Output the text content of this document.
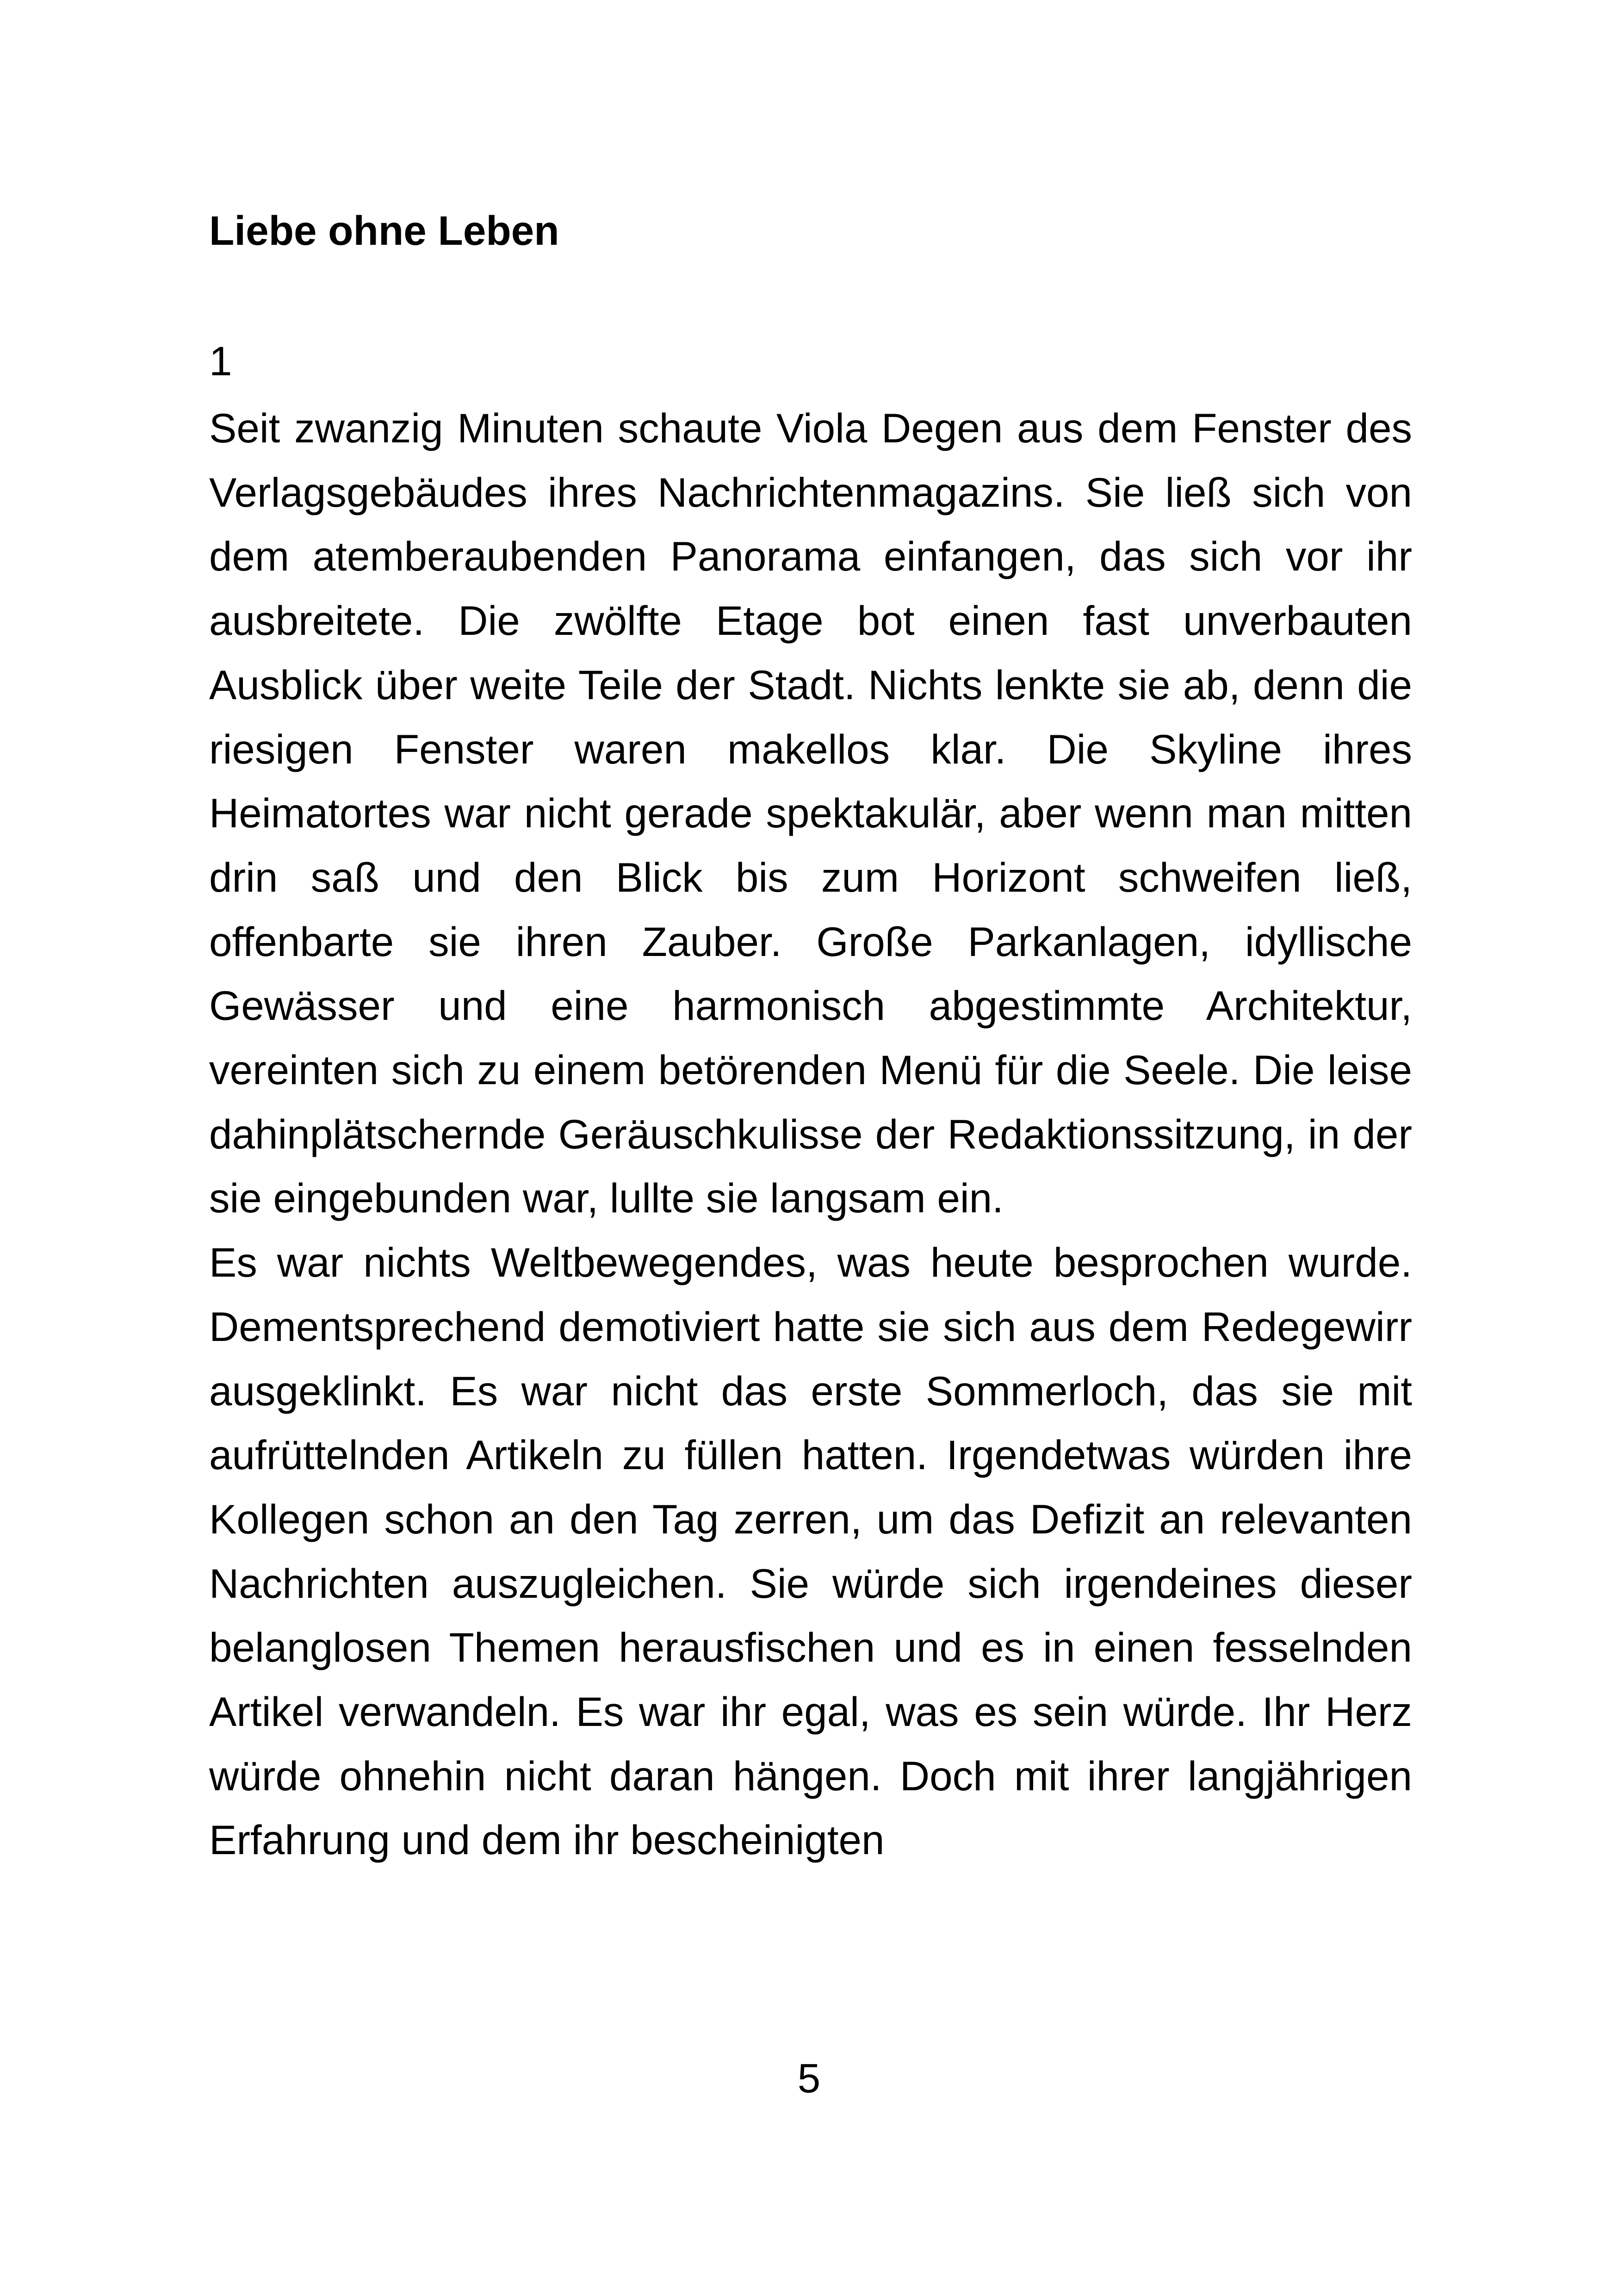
Liebe ohne Leben
1

Seit zwanzig Minuten schaute Viola Degen aus dem Fenster des Verlagsgebäudes ihres Nachrichtenmagazins. Sie ließ sich von dem atemberaubenden Panorama einfangen, das sich vor ihr ausbreitete. Die zwölfte Etage bot einen fast unverbauten Ausblick über weite Teile der Stadt. Nichts lenkte sie ab, denn die riesigen Fenster waren makellos klar. Die Skyline ihres Heimatortes war nicht gerade spektakulär, aber wenn man mitten drin saß und den Blick bis zum Horizont schweifen ließ, offenbarte sie ihren Zauber. Große Parkanlagen, idyllische Gewässer und eine harmonisch abgestimmte Architektur, vereinten sich zu einem betörenden Menü für die Seele. Die leise dahinplätschernde Geräuschkulisse der Redaktionssitzung, in der sie eingebunden war, lullte sie langsam ein.

Es war nichts Weltbewegendes, was heute besprochen wurde. Dementsprechend demotiviert hatte sie sich aus dem Redegewirr ausgeklinkt. Es war nicht das erste Sommerloch, das sie mit aufrüttelnden Artikeln zu füllen hatten. Irgendetwas würden ihre Kollegen schon an den Tag zerren, um das Defizit an relevanten Nachrichten auszugleichen. Sie würde sich irgendeines dieser belanglosen Themen herausfischen und es in einen fesselnden Artikel verwandeln. Es war ihr egal, was es sein würde. Ihr Herz würde ohnehin nicht daran hängen. Doch mit ihrer langjährigen Erfahrung und dem ihr bescheinigten

5
